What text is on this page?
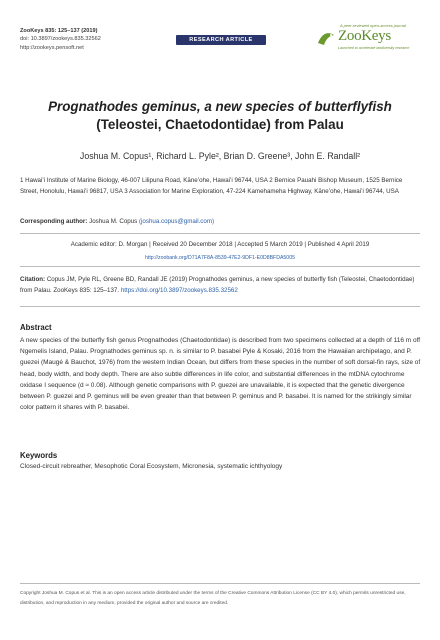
ZooKeys 835: 125–137 (2019)
doi: 10.3897/zookeys.835.32562
http://zookeys.pensoft.net
RESEARCH ARTICLE
A peer-reviewed open-access journal
ZooKeys
Launched to accelerate biodiversity research
Prognathodes geminus, a new species of butterflyfish
(Teleostei, Chaetodontidae) from Palau
Joshua M. Copus¹, Richard L. Pyle², Brian D. Greene³, John E. Randall²
1 Hawaiʻi Institute of Marine Biology, 46-007 Lilipuna Road, Kāneʻohe, Hawaiʻi 96744, USA 2 Bernice Pauahi Bishop Museum, 1525 Bernice Street, Honolulu, Hawaiʻi 96817, USA 3 Association for Marine Exploration, 47-224 Kamehameha Highway, Kāneʻohe, Hawaiʻi 96744, USA
Corresponding author: Joshua M. Copus (joshua.copus@gmail.com)
Academic editor: D. Morgan | Received 20 December 2018 | Accepted 5 March 2019 | Published 4 April 2019
http://zoobank.org/D71A7F8A-8539-47E2-9DF1-E0D8BFDA5005
Citation: Copus JM, Pyle RL, Greene BD, Randall JE (2019) Prognathodes geminus, a new species of butterfly fish (Teleostei, Chaetodontidae) from Palau. ZooKeys 835: 125–137. https://doi.org/10.3897/zookeys.835.32562
Abstract
A new species of the butterfly fish genus Prognathodes (Chaetodontidae) is described from two specimens collected at a depth of 116 m off Ngemelis Island, Palau. Prognathodes geminus sp. n. is similar to P. basabei Pyle & Kosaki, 2016 from the Hawaiian archipelago, and P. guezei (Maugé & Bauchot, 1976) from the western Indian Ocean, but differs from these species in the number of soft dorsal-fin rays, size of head, body width, and body depth. There are also subtle differences in life color, and substantial differences in the mtDNA cytochrome oxidase I sequence (d ≈ 0.08). Although genetic comparisons with P. guezei are unavailable, it is expected that the genetic divergence between P. guezei and P. geminus will be even greater than that between P. geminus and P. basabei. It is named for the strikingly similar color pattern it shares with P. basabei.
Keywords
Closed-circuit rebreather, Mesophotic Coral Ecosystem, Micronesia, systematic ichthyology
Copyright Joshua M. Copus et al. This is an open access article distributed under the terms of the Creative Commons Attribution License (CC BY 4.0), which permits unrestricted use, distribution, and reproduction in any medium, provided the original author and source are credited.
